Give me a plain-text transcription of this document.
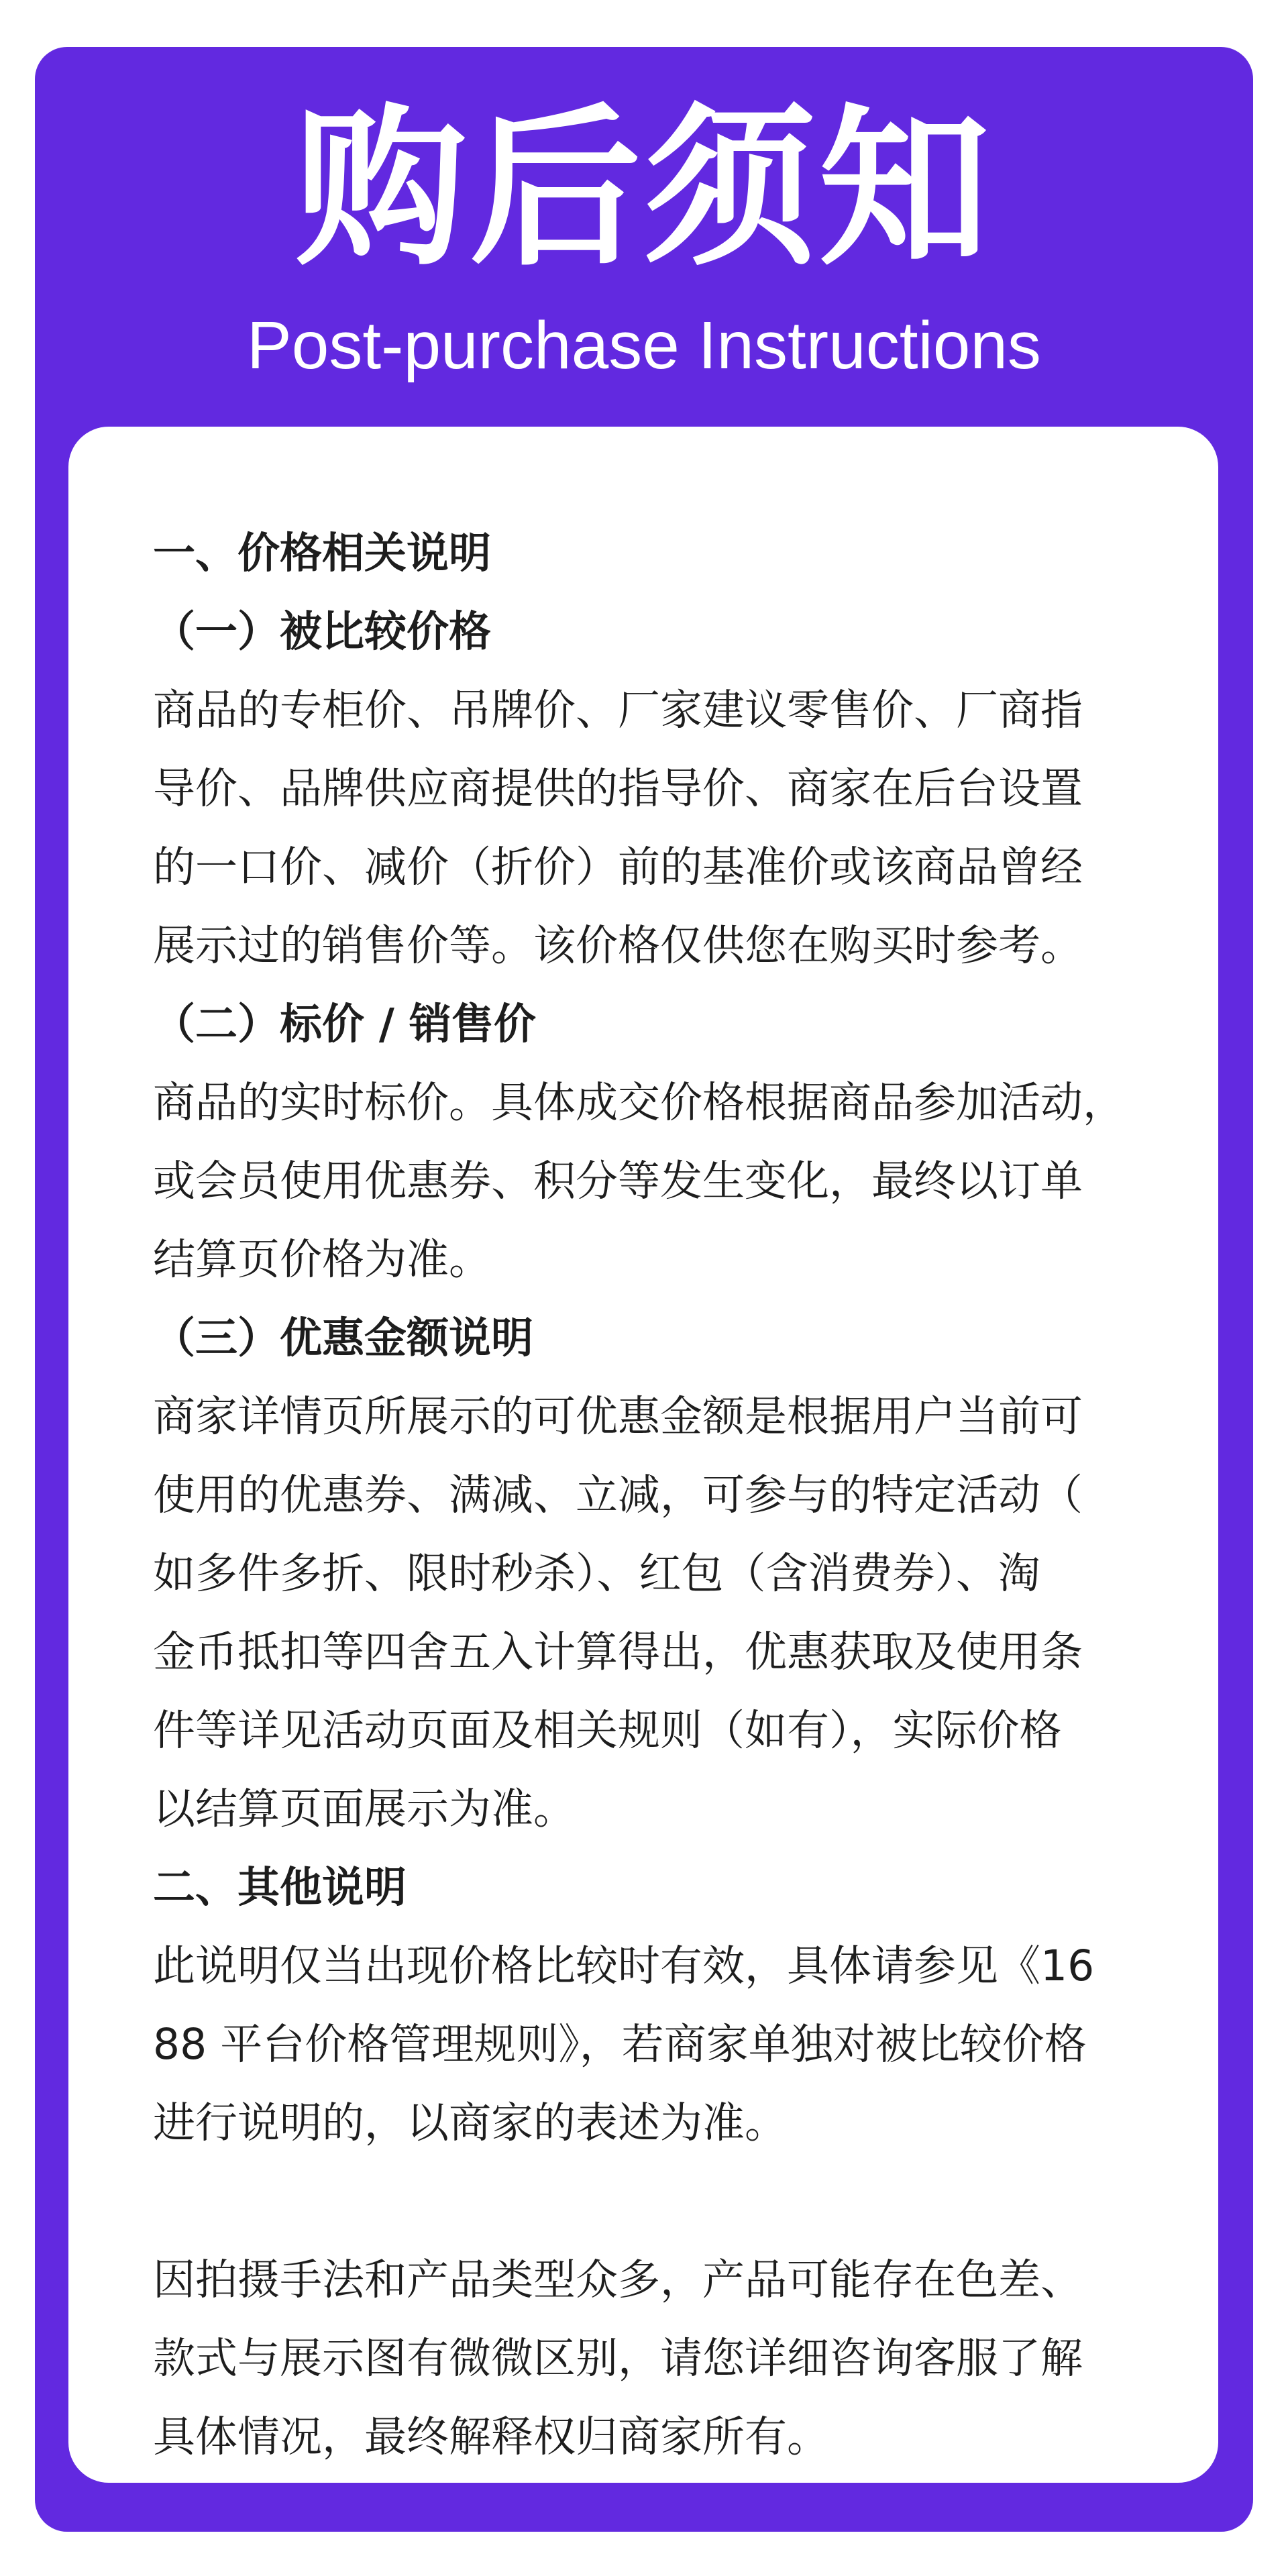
购后须知
Post-purchase Instructions
一、价格相关说明
（一）被比较价格
商品的专柜价、吊牌价、厂家建议零售价、厂商指
导价、品牌供应商提供的指导价、商家在后台设置
的一口价、减价（折价）前的基准价或该商品曾经
展示过的销售价等。该价格仅供您在购买时参考。
（二）标价 / 销售价
商品的实时标价。具体成交价格根据商品参加活动，
或会员使用优惠券、积分等发生变化，最终以订单
结算页价格为准。
（三）优惠金额说明
商家详情页所展示的可优惠金额是根据用户当前可
使用的优惠券、满减、立减，可参与的特定活动（
如多件多折、限时秒杀）、红包（含消费券）、淘
金币抵扣等四舍五入计算得出，优惠获取及使用条
件等详见活动页面及相关规则（如有），实际价格
以结算页面展示为准。
二、其他说明
此说明仅当出现价格比较时有效，具体请参见《16
88 平台价格管理规则》，若商家单独对被比较价格
进行说明的，以商家的表述为准。
因拍摄手法和产品类型众多，产品可能存在色差、
款式与展示图有微微区别，请您详细咨询客服了解
具体情况，最终解释权归商家所有。
